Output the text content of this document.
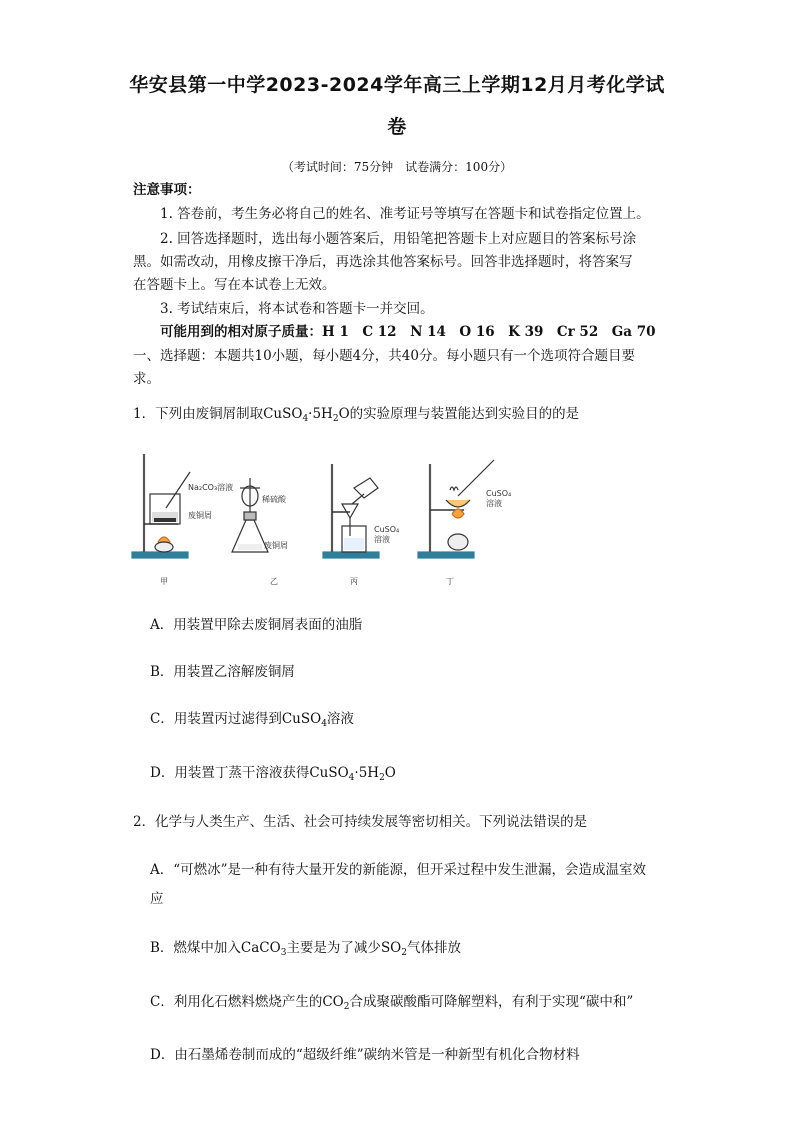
华安县第一中学2023-2024学年高三上学期12月月考化学试
卷
（考试时间：75分钟　试卷满分：100分）
注意事项：
1. 答卷前，考生务必将自己的姓名、准考证号等填写在答题卡和试卷指定位置上。
2. 回答选择题时，选出每小题答案后，用铅笔把答题卡上对应题目的答案标号涂
黑。如需改动，用橡皮擦干净后，再选涂其他答案标号。回答非选择题时，将答案写
在答题卡上。写在本试卷上无效。
3. 考试结束后，将本试卷和答题卡一并交回。
可能用到的相对原子质量：H 1　C 12　N 14　O 16　K 39　Cr 52　Ga 70
一、选择题：本题共10小题，每小题4分，共40分。每小题只有一个选项符合题目要
求。
1．下列由废铜屑制取$CuSO_4\cdot 5H_2O$的实验原理与装置能达到实验目的的是
Na₂CO₃溶液
废铜屑
稀硫酸
废铜屑
CuSO₄
溶液
CuSO₄
溶液
甲	乙	丙	丁
A．用装置甲除去废铜屑表面的油脂
B．用装置乙溶解废铜屑
C．用装置丙过滤得到CuSO$_4$溶液
D．用装置丁蒸干溶液获得$CuSO_4\cdot 5H_2O$
2．化学与人类生产、生活、社会可持续发展等密切相关。下列说法错误的是
A．“可燃冰”是一种有待大量开发的新能源，但开采过程中发生泄漏，会造成温室效
应
B．燃煤中加入CaCO$_3$主要是为了减少$SO_2$气体排放
C．利用化石燃料燃烧产生的$CO_2$合成聚碳酸酯可降解塑料，有利于实现“碳中和”
D．由石墨烯卷制而成的“超级纤维”碳纳米管是一种新型有机化合物材料
